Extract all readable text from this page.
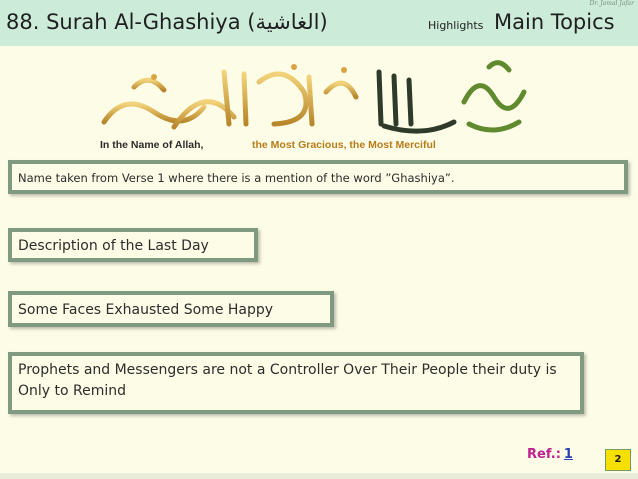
88. Surah Al-Ghashiya (الغاشية)	Highlights Main Topics
Dr. Jamal Jafar
In the Name of Allah,	the Most Gracious, the Most Merciful
Name taken from Verse 1 where there is a mention of the word ”Ghashiya”.
Description of the Last Day
Some Faces Exhausted Some Happy
Prophets and Messengers are not a Controller Over Their People their duty is Only to Remind
Ref.: 1	2
